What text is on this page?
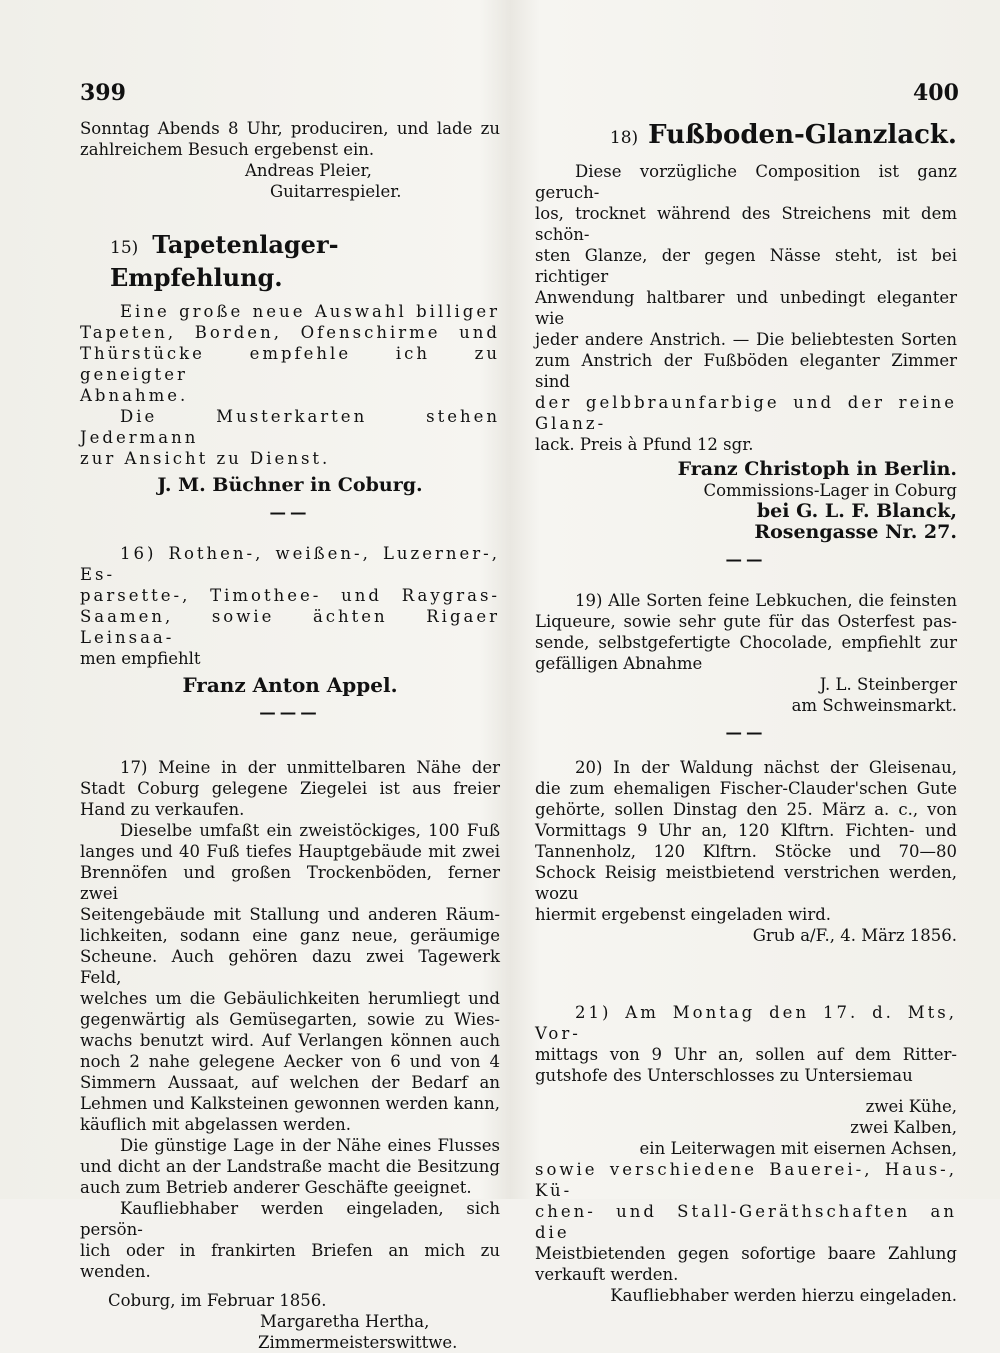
399	400

Sonntag Abends 8 Uhr, produciren, und lade zu

zahlreichem Besuch ergebenst ein.

Andreas Pleier,

Guitarrespieler.

15) Tapetenlager-Empfehlung.

Eine große neue Auswahl billiger

Tapeten, Borden, Ofenschirme und

Thürstücke empfehle ich zu geneigter

Abnahme.

Die Musterkarten stehen Jedermann

zur Ansicht zu Dienst.

J. M. Büchner in Coburg.

——

16) Rothen-, weißen-, Luzerner-, Es-

parsette-, Timothee- und Raygras-

Saamen, sowie ächten Rigaer Leinsaa-

men empfiehlt

Franz Anton Appel.

———

17) Meine in der unmittelbaren Nähe der

Stadt Coburg gelegene Ziegelei ist aus freier

Hand zu verkaufen.

Dieselbe umfaßt ein zweistöckiges, 100 Fuß

langes und 40 Fuß tiefes Hauptgebäude mit zwei

Brennöfen und großen Trockenböden, ferner zwei

Seitengebäude mit Stallung und anderen Räum-

lichkeiten, sodann eine ganz neue, geräumige

Scheune. Auch gehören dazu zwei Tagewerk Feld,

welches um die Gebäulichkeiten herumliegt und

gegenwärtig als Gemüsegarten, sowie zu Wies-

wachs benutzt wird. Auf Verlangen können auch

noch 2 nahe gelegene Aecker von 6 und von 4

Simmern Aussaat, auf welchen der Bedarf an

Lehmen und Kalksteinen gewonnen werden kann,

käuflich mit abgelassen werden.

Die günstige Lage in der Nähe eines Flusses

und dicht an der Landstraße macht die Besitzung

auch zum Betrieb anderer Geschäfte geeignet.

Kaufliebhaber werden eingeladen, sich persön-

lich oder in frankirten Briefen an mich zu wenden.

Coburg, im Februar 1856.

Margaretha Hertha,

Zimmermeisterswittwe.

18) Fußboden-Glanzlack.

Diese vorzügliche Composition ist ganz geruch-

los, trocknet während des Streichens mit dem schön-

sten Glanze, der gegen Nässe steht, ist bei richtiger

Anwendung haltbarer und unbedingt eleganter wie

jeder andere Anstrich. — Die beliebtesten Sorten

zum Anstrich der Fußböden eleganter Zimmer sind

der gelbbraunfarbige und der reine Glanz-

lack. Preis à Pfund 12 sgr.

Franz Christoph in Berlin.

Commissions-Lager in Coburg

bei G. L. F. Blanck,

Rosengasse Nr. 27.

——

19) Alle Sorten feine Lebkuchen, die feinsten

Liqueure, sowie sehr gute für das Osterfest pas-

sende, selbstgefertigte Chocolade, empfiehlt zur

gefälligen Abnahme

J. L. Steinberger

am Schweinsmarkt.

——

20) In der Waldung nächst der Gleisenau,

die zum ehemaligen Fischer-Clauder'schen Gute

gehörte, sollen Dinstag den 25. März a. c., von

Vormittags 9 Uhr an, 120 Klftrn. Fichten- und

Tannenholz, 120 Klftrn. Stöcke und 70—80

Schock Reisig meistbietend verstrichen werden, wozu

hiermit ergebenst eingeladen wird.

Grub a/F., 4. März 1856.

21) Am Montag den 17. d. Mts, Vor-

mittags von 9 Uhr an, sollen auf dem Ritter-

gutshofe des Unterschlosses zu Untersiemau

zwei Kühe,

zwei Kalben,

ein Leiterwagen mit eisernen Achsen,

sowie verschiedene Bauerei-, Haus-, Kü-

chen- und Stall-Geräthschaften an die

Meistbietenden gegen sofortige baare Zahlung

verkauft werden.

Kaufliebhaber werden hierzu eingeladen.
